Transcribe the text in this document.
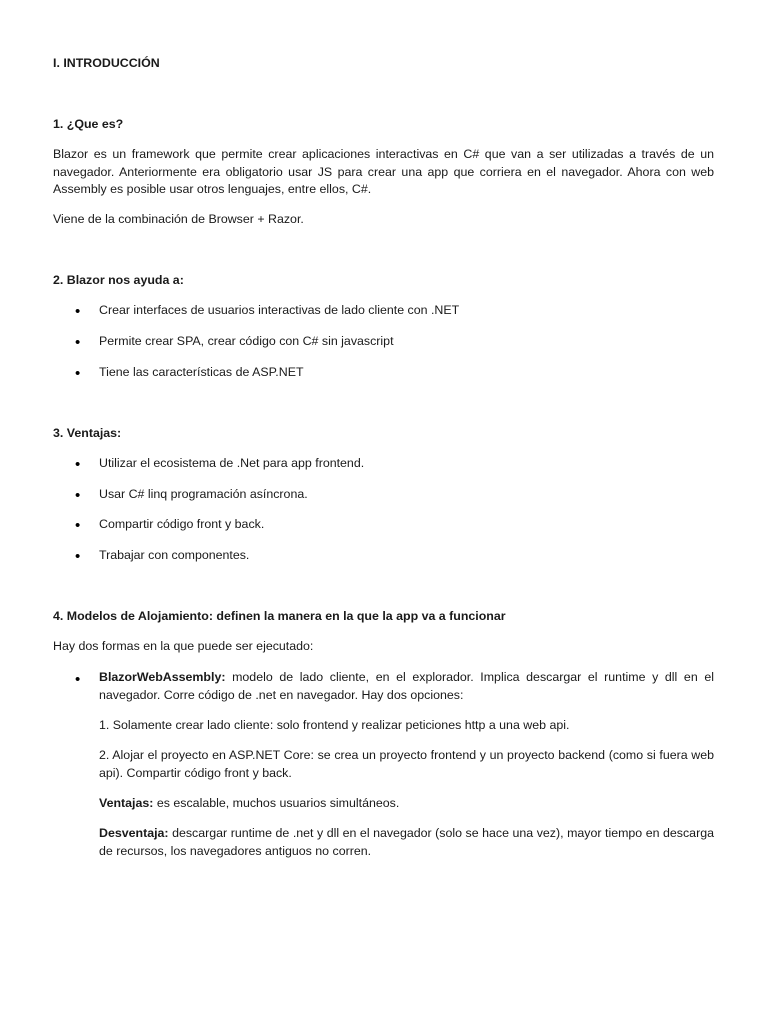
I. INTRODUCCIÓN

1. ¿Que es?

Blazor es un framework que permite crear aplicaciones interactivas en C# que van a ser utilizadas a través de un navegador. Anteriormente era obligatorio usar JS para crear una app que corriera en el navegador. Ahora con web Assembly es posible usar otros lenguajes, entre ellos, C#.

Viene de la combinación de Browser + Razor.

2. Blazor nos ayuda a:

•

Crear interfaces de usuarios interactivas de lado cliente con .NET

•

Permite crear SPA, crear código con C# sin javascript

•

Tiene las características de ASP.NET

3. Ventajas:

•

Utilizar el ecosistema de .Net para app frontend.

•

Usar C# linq programación asíncrona.

•

Compartir código front y back.

•

Trabajar con componentes.

4. Modelos de Alojamiento: definen la manera en la que la app va a funcionar

Hay dos formas en la que puede ser ejecutado:

•

BlazorWebAssembly: modelo de lado cliente, en el explorador. Implica descargar el runtime y dll en el navegador. Corre código de .net en navegador. Hay dos opciones:

1. Solamente crear lado cliente: solo frontend y realizar peticiones http a una web api.

2. Alojar el proyecto en ASP.NET Core: se crea un proyecto frontend y un proyecto backend (como si fuera web api). Compartir código front y back.

Ventajas: es escalable, muchos usuarios simultáneos.

Desventaja: descargar runtime de .net y dll en el navegador (solo se hace una vez), mayor tiempo en descarga de recursos, los navegadores antiguos no corren.
